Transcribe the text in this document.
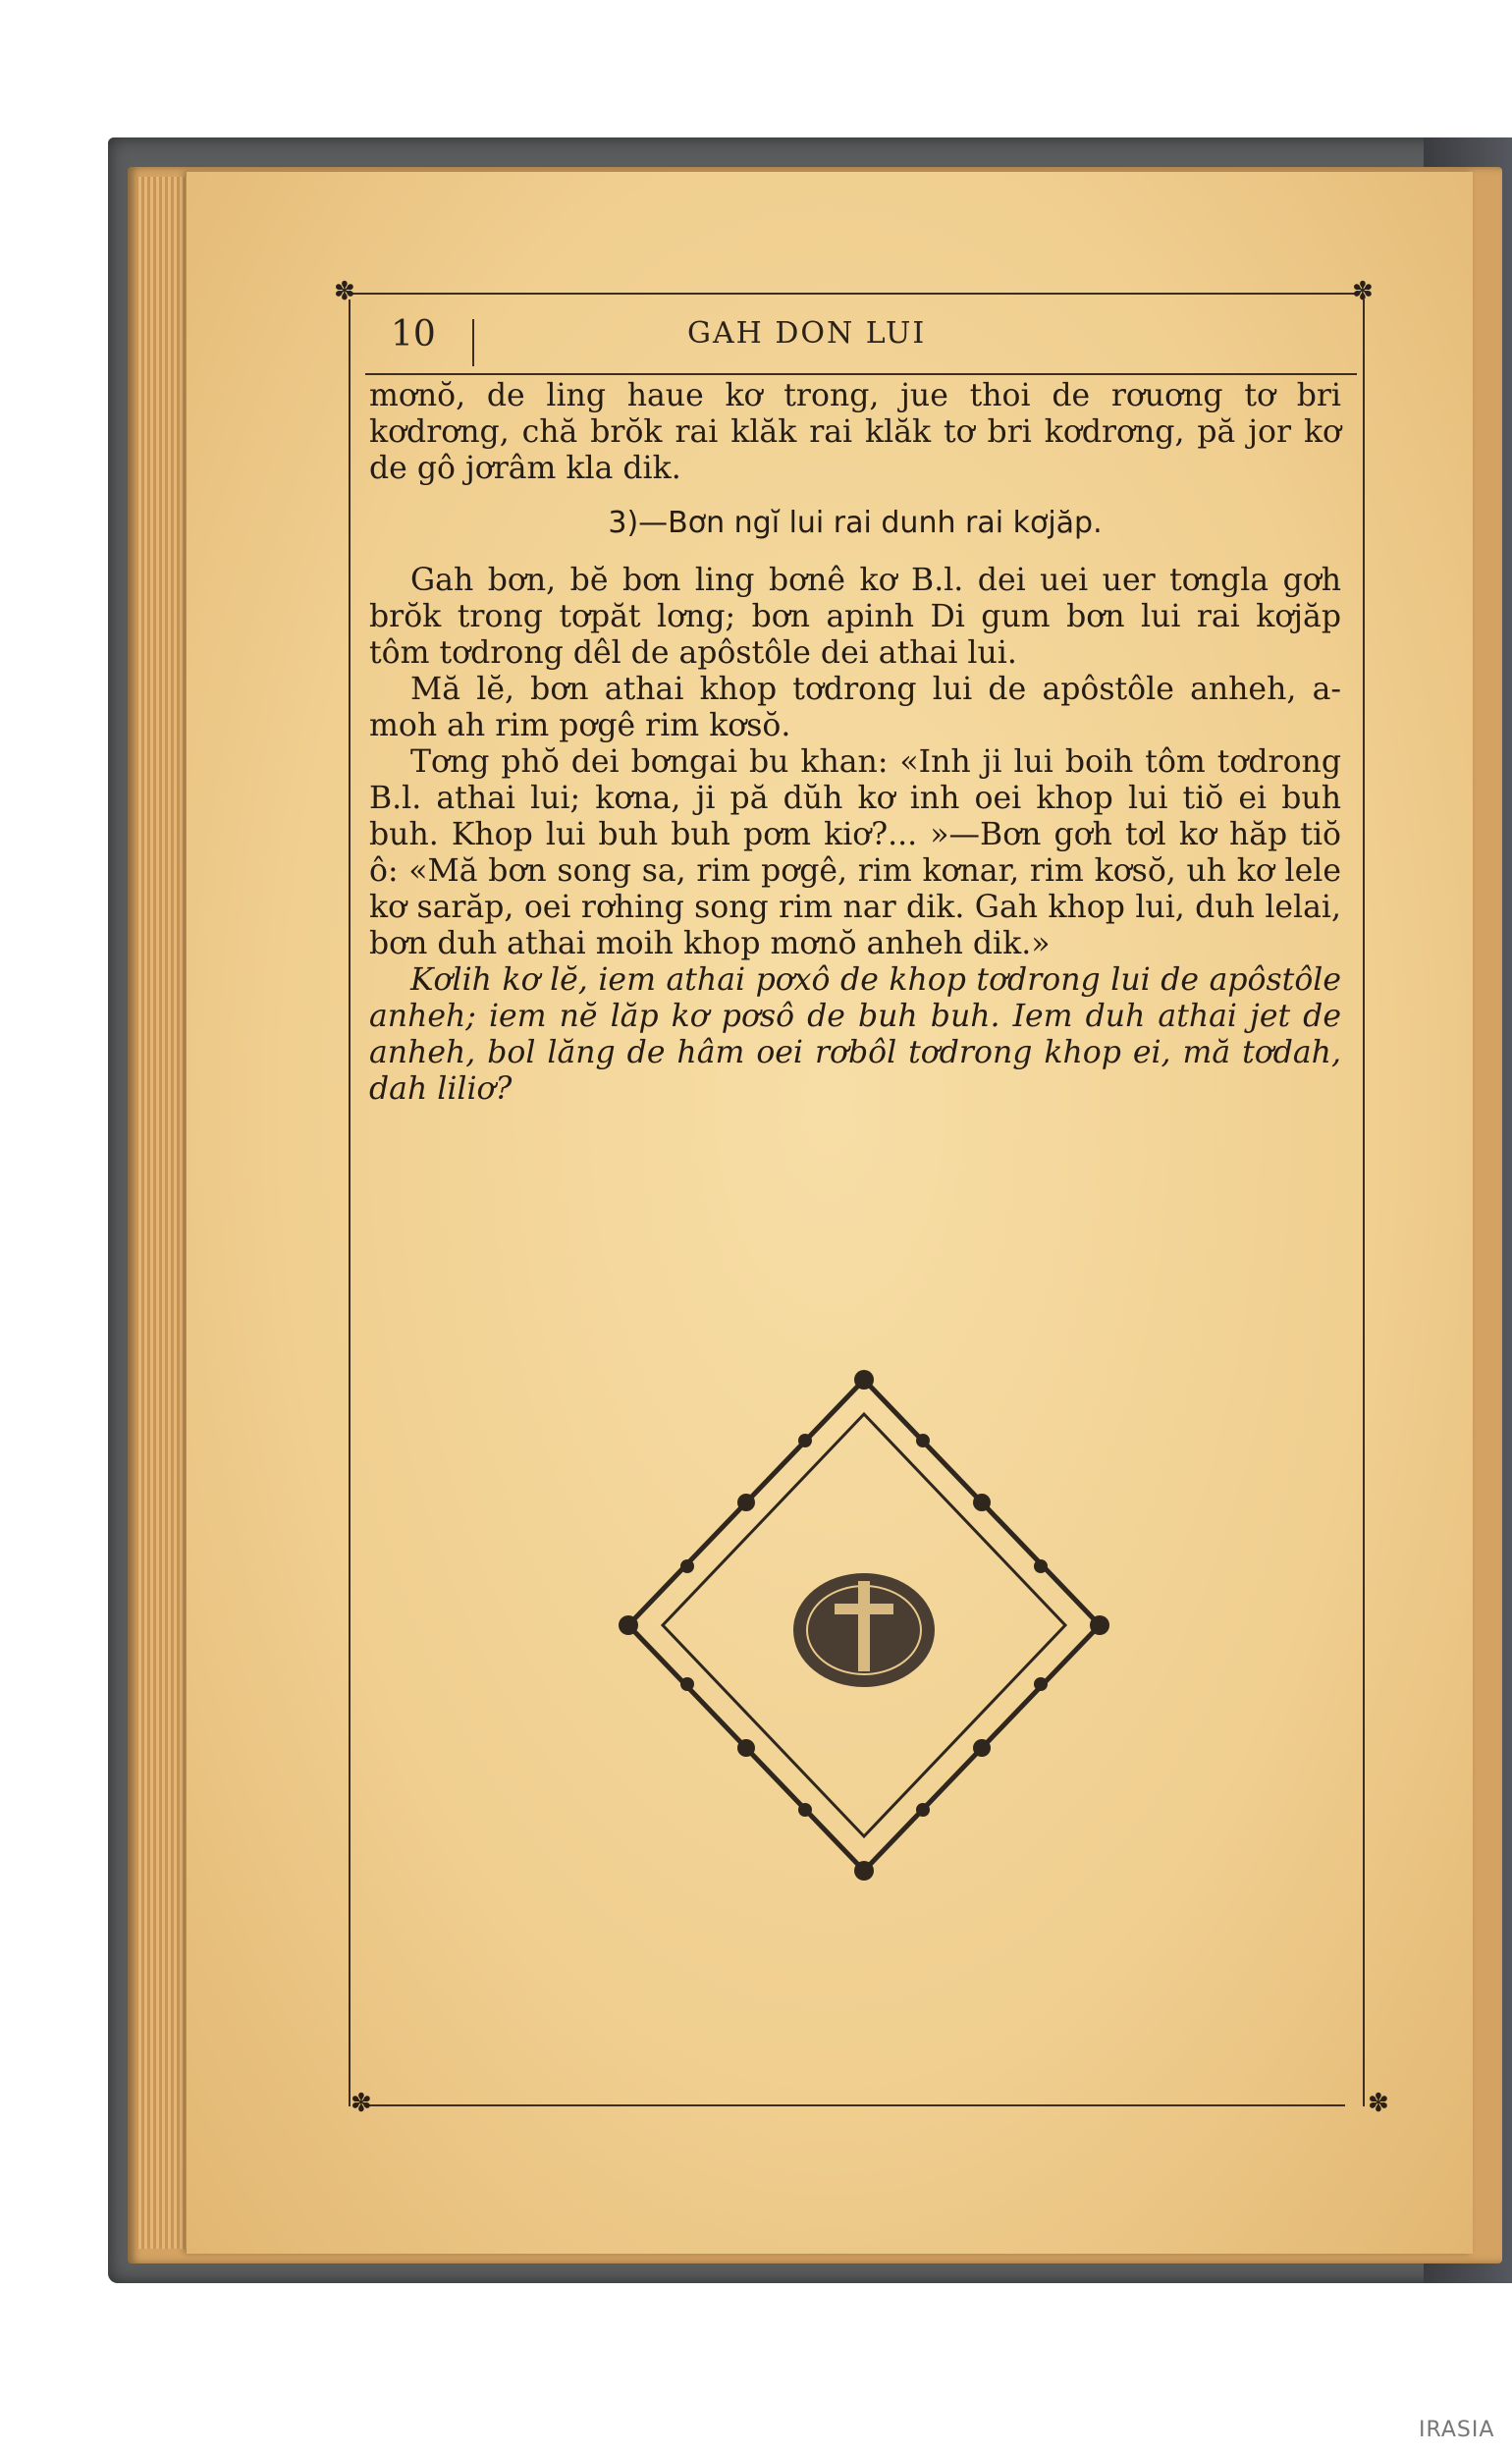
✽	✽
✽	✽
10	GAH DON LUI

mơnŏ, de ling haue kơ trong, jue thoi de rơuơng tơ bri kơdrơng, chă brŏk rai klăk rai klăk tơ bri kơdrơng, pă jor kơ de gô jơrâm kla dik.

3)—Bơn ngĭ lui rai dunh rai kơjăp.

Gah bơn, bĕ bơn ling bơnê kơ B.l. dei uei uer tơngla gơh brŏk trong tơpăt lơng; bơn apinh Di gum bơn lui rai kơjăp tôm tơdrong dêl de apôstôle dei athai lui.

Mă lĕ, bơn athai khop tơdrong lui de apôstôle anheh, a-moh ah rim pơgê rim kơsŏ.

Tơng phŏ dei bơngai bu khan: «Inh ji lui boih tôm tơdrong B.l. athai lui; kơna, ji pă dŭh kơ inh oei khop lui tiŏ ei buh buh. Khop lui buh buh pơm kiơ?... »—Bơn gơh tơl kơ hăp tiŏ ô: «Mă bơn song sa, rim pơgê, rim kơnar, rim kơsŏ, uh kơ lele kơ sarăp, oei rơhing song rim nar dik. Gah khop lui, duh lelai, bơn duh athai moih khop mơnŏ anheh dik.»

Kơlih kơ lĕ, iem athai pơxô de khop tơdrong lui de apôstôle anheh; iem nĕ lăp kơ pơsô de buh buh. Iem duh athai jet de anheh, bol lăng de hâm oei rơbôl tơdrong khop ei, mă tơdah, dah liliơ?

IRASIA
